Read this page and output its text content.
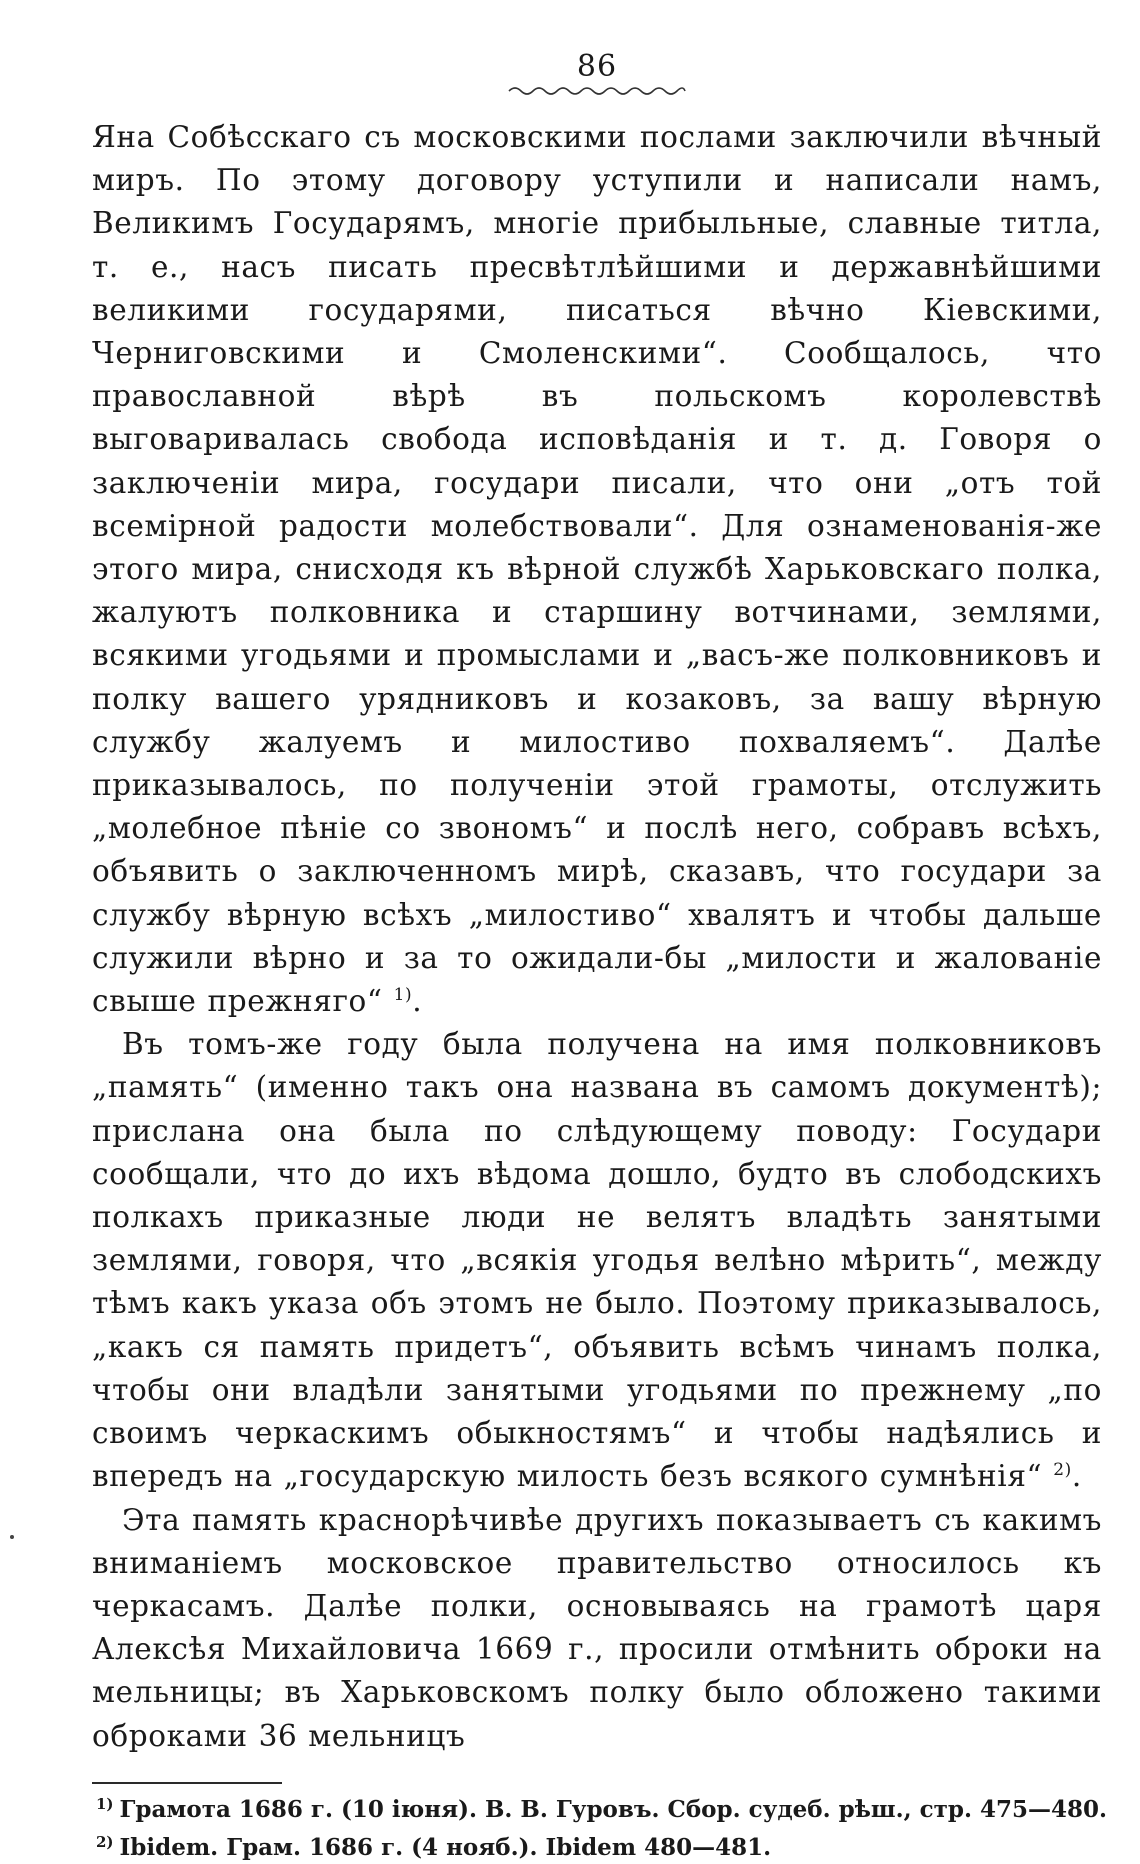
86

Яна Собѣсскаго съ московскими послами заключили вѣчный миръ. По этому договору уступили и написали намъ, Великимъ Государямъ, многіе прибыльные, славные титла, т. е., насъ писать пресвѣтлѣйшими и державнѣйшими великими государями, писаться вѣчно Кіевскими, Черниговскими и Смоленскими“. Сообщалось, что православной вѣрѣ въ польскомъ королевствѣ выговаривалась свобода исповѣданія и т. д. Говоря о заключеніи мира, государи писали, что они „отъ той всемірной радости молебствовали“. Для ознаменованія-же этого мира, снисходя къ вѣрной службѣ Харьковскаго полка, жалуютъ полковника и старшину вотчинами, землями, всякими угодьями и промыслами и „васъ-же полковниковъ и полку вашего урядниковъ и козаковъ, за вашу вѣрную службу жалуемъ и милостиво похваляемъ“. Далѣе приказывалось, по полученіи этой грамоты, отслужить „молебное пѣніе со звономъ“ и послѣ него, собравъ всѣхъ, объявить о заключенномъ мирѣ, сказавъ, что государи за службу вѣрную всѣхъ „милостиво“ хвалятъ и чтобы дальше служили вѣрно и за то ожидали-бы „милости и жалованіе свыше прежняго“ $^{1)}$.

Въ томъ-же году была получена на имя полковниковъ „память“ (именно такъ она названа въ самомъ документѣ); прислана она была по слѣдующему поводу: Государи сообщали, что до ихъ вѣдома дошло, будто въ слободскихъ полкахъ приказные люди не велятъ владѣть занятыми землями, говоря, что „всякія угодья велѣно мѣрить“, между тѣмъ какъ указа объ этомъ не было. Поэтому приказывалось, „какъ ся память придетъ“, объявить всѣмъ чинамъ полка, чтобы они владѣли занятыми угодьями по прежнему „по своимъ черкаскимъ обыкностямъ“ и чтобы надѣялись и впередъ на „государскую милость безъ всякого сумнѣнія“ $^{2)}$.

Эта память краснорѣчивѣе другихъ показываетъ съ какимъ вниманіемъ московское правительство относилось къ черкасамъ. Далѣе полки, основываясь на грамотѣ царя Алексѣя Михайловича 1669 г., просили отмѣнить оброки на мельницы; въ Харьковскомъ полку было обложено такими оброками 36 мельницъ

$^{1)}$ Грамота 1686 г. (10 іюня). В. В. Гуровъ. Сбор. судеб. рѣш., стр. 475—480.

$^{2)}$ Ibidem. Грам. 1686 г. (4 нояб.). Ibidem 480—481.
